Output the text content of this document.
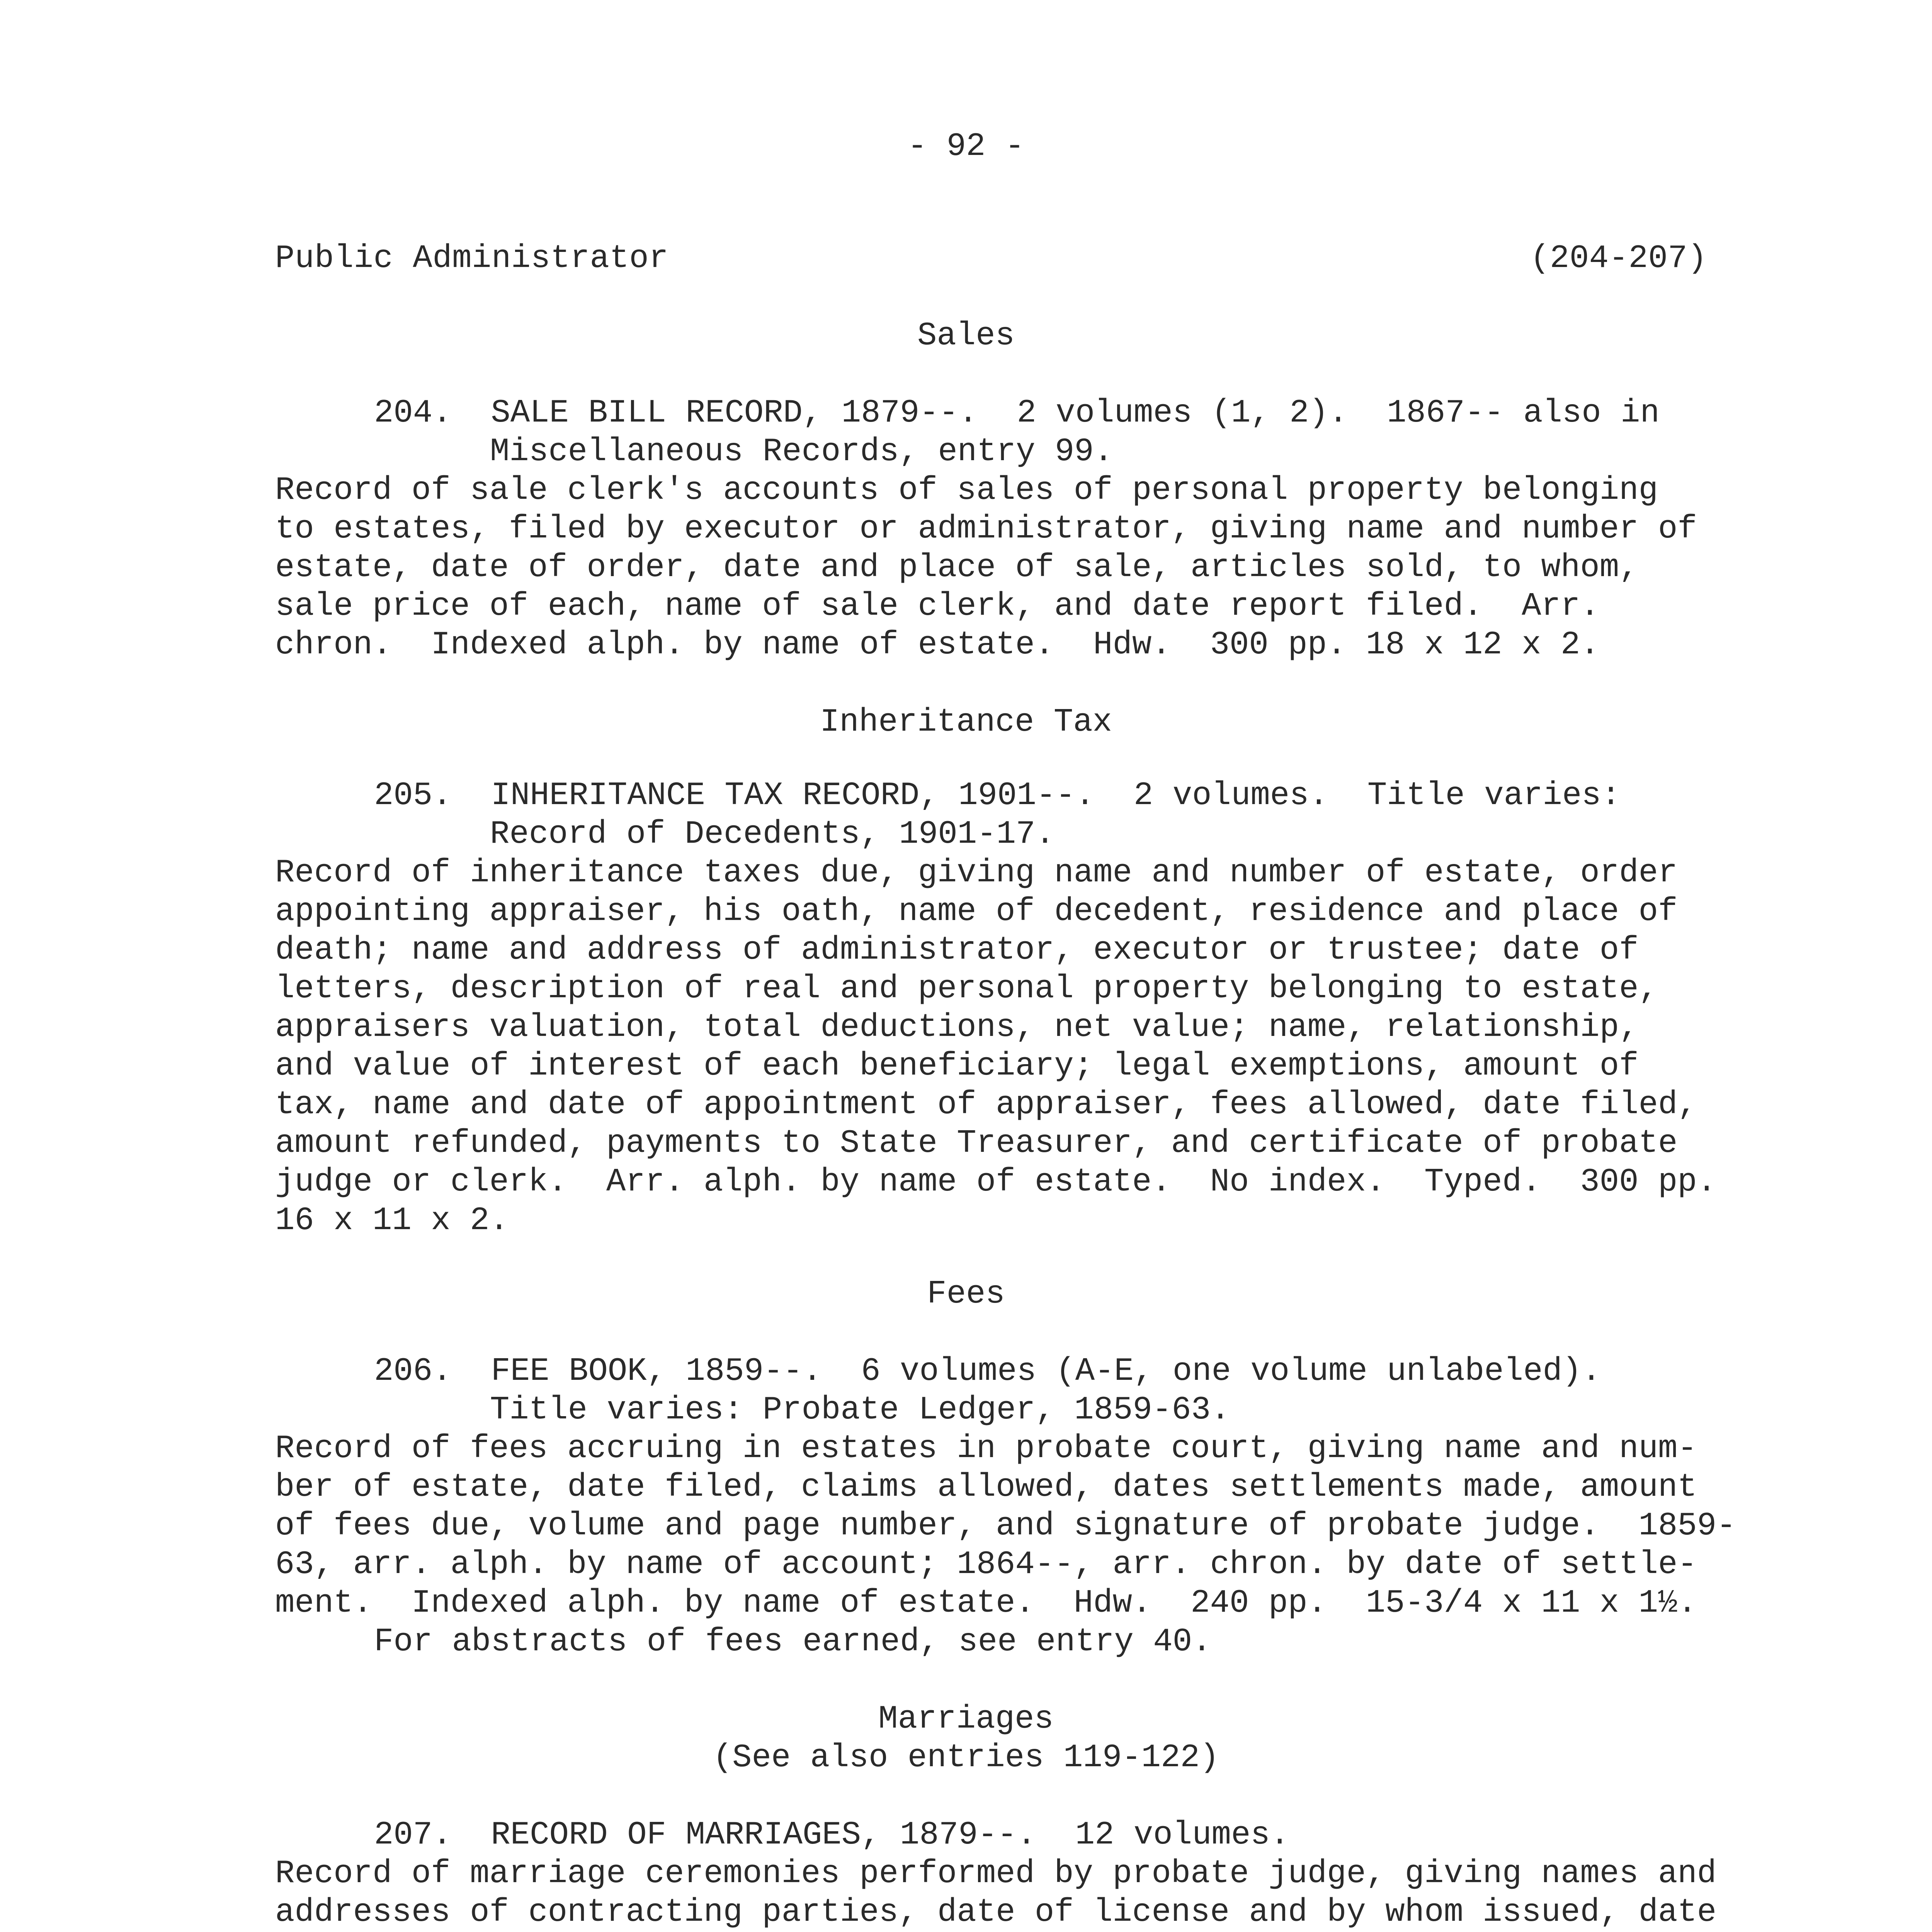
- 92 -
Public Administrator	(204-207)
Sales
204.  SALE BILL RECORD, 1879--.  2 volumes (1, 2).  1867-- also in
Miscellaneous Records, entry 99.
Record of sale clerk's accounts of sales of personal property belonging
to estates, filed by executor or administrator, giving name and number of
estate, date of order, date and place of sale, articles sold, to whom,
sale price of each, name of sale clerk, and date report filed.  Arr.
chron.  Indexed alph. by name of estate.  Hdw.  300 pp. 18 x 12 x 2.
Inheritance Tax
205.  INHERITANCE TAX RECORD, 1901--.  2 volumes.  Title varies:
Record of Decedents, 1901-17.
Record of inheritance taxes due, giving name and number of estate, order
appointing appraiser, his oath, name of decedent, residence and place of
death; name and address of administrator, executor or trustee; date of
letters, description of real and personal property belonging to estate,
appraisers valuation, total deductions, net value; name, relationship,
and value of interest of each beneficiary; legal exemptions, amount of
tax, name and date of appointment of appraiser, fees allowed, date filed,
amount refunded, payments to State Treasurer, and certificate of probate
judge or clerk.  Arr. alph. by name of estate.  No index.  Typed.  300 pp.
16 x 11 x 2.
Fees
206.  FEE BOOK, 1859--.  6 volumes (A-E, one volume unlabeled).
Title varies: Probate Ledger, 1859-63.
Record of fees accruing in estates in probate court, giving name and num-
ber of estate, date filed, claims allowed, dates settlements made, amount
of fees due, volume and page number, and signature of probate judge.  1859-
63, arr. alph. by name of account; 1864--, arr. chron. by date of settle-
ment.  Indexed alph. by name of estate.  Hdw.  240 pp.  15-3/4 x 11 x 1½.
For abstracts of fees earned, see entry 40.
Marriages
(See also entries 119-122)
207.  RECORD OF MARRIAGES, 1879--.  12 volumes.
Record of marriage ceremonies performed by probate judge, giving names and
addresses of contracting parties, date of license and by whom issued, date
